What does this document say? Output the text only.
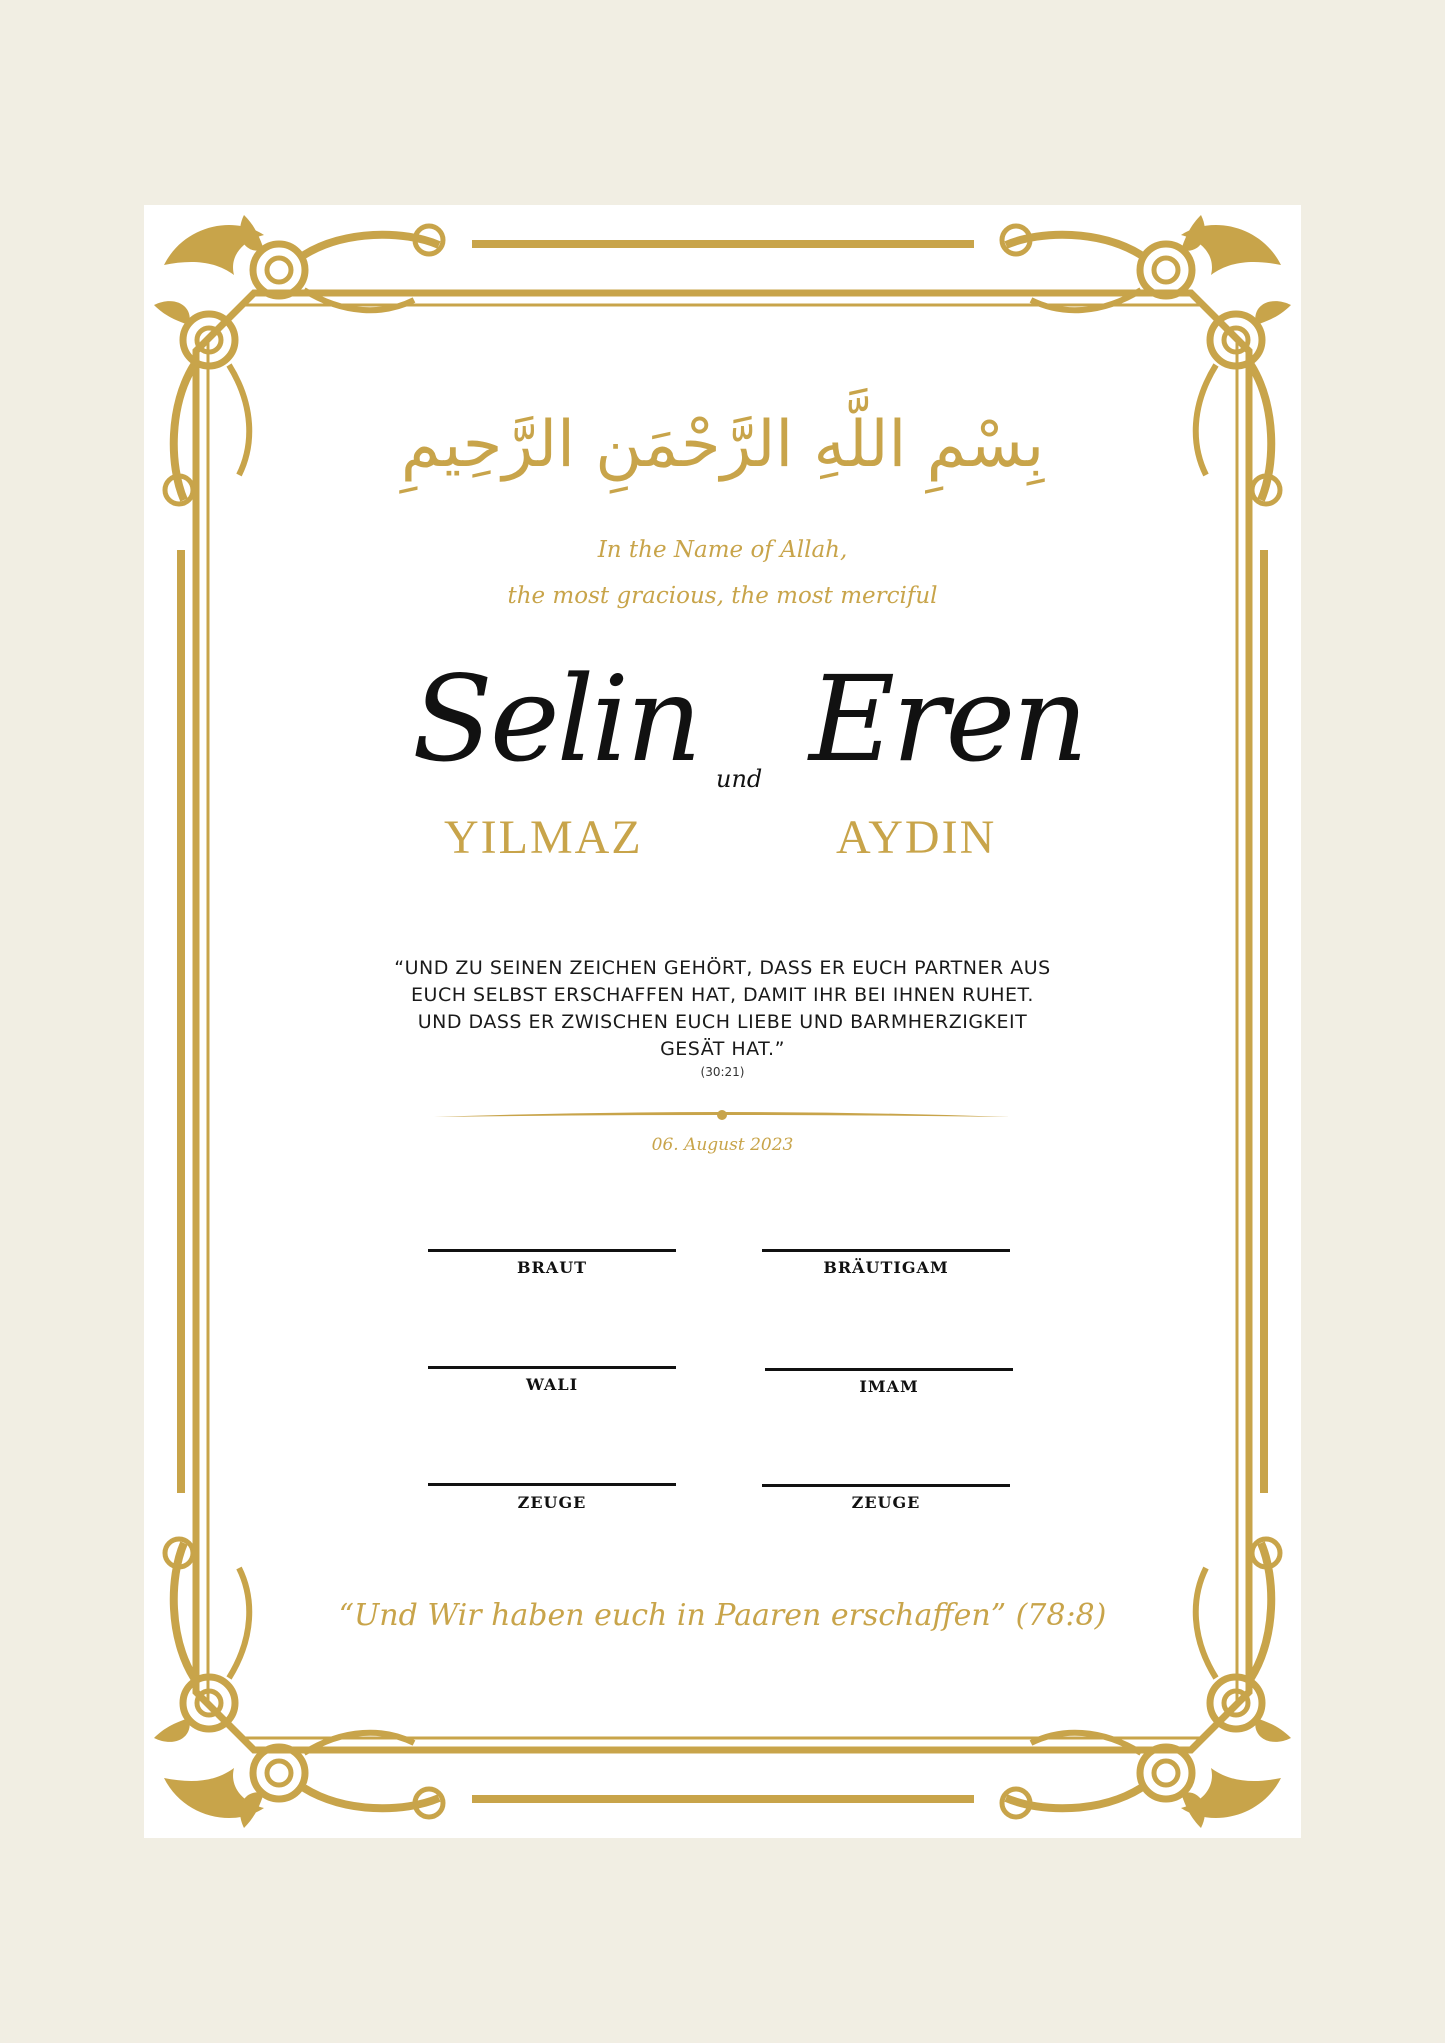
بِسْمِ اللَّهِ الرَّحْمَنِ الرَّحِيمِ
In the Name of Allah,
the most gracious, the most merciful
Selin und Eren
YILMAZ	AYDIN
“UND ZU SEINEN ZEICHEN GEHÖRT, DASS ER EUCH PARTNER AUS EUCH SELBST ERSCHAFFEN HAT, DAMIT IHR BEI IHNEN RUHET. UND DASS ER ZWISCHEN EUCH LIEBE UND BARMHERZIGKEIT GESÄT HAT.”
(30:21)
06. August 2023
BRAUT	BRÄUTIGAM
WALI	IMAM
ZEUGE	ZEUGE
“Und Wir haben euch in Paaren erschaffen” (78:8)
